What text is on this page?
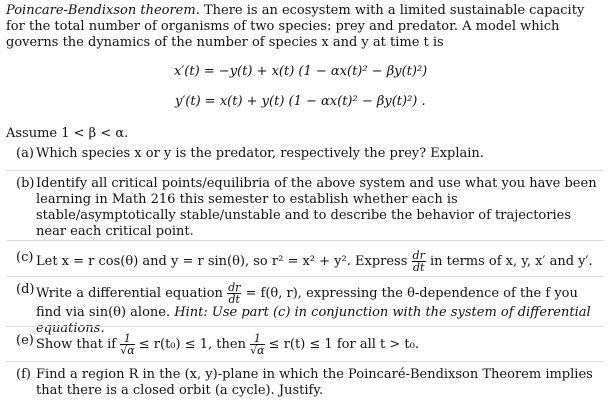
Poincare-Bendixson theorem. There is an ecosystem with a limited sustainable capacity for the total number of organisms of two species: prey and predator. A model which governs the dynamics of the number of species x and y at time t is
x′(t) = −y(t) + x(t) (1 − αx(t)² − βy(t)²)
y′(t) = x(t) + y(t) (1 − αx(t)² − βy(t)²) .
Assume 1 < β < α.
(a) Which species x or y is the predator, respectively the prey? Explain.
(b) Identify all critical points/equilibria of the above system and use what you have been learning in Math 216 this semester to establish whether each is stable/asymptotically stable/unstable and to describe the behavior of trajectories near each critical point.
(c) Let x = r cos(θ) and y = r sin(θ), so r² = x² + y². Express $\frac{dr}{dt}$ in terms of x, y, x′ and y′.
(d) Write a differential equation $\frac{dr}{dt} = f(\theta$, r), expressing the θ-dependence of the f you find via sin(θ) alone. Hint: Use part (c) in conjunction with the system of differential equations.
(e) Show that if $\frac{1}{√\alpha} \le r(t_0) \le 1$, then $\frac{1}{√\alpha} \le r(t) \le 1$ for all t > t₀.
(f) Find a region R in the (x, y)-plane in which the Poincaré-Bendixson Theorem implies that there is a closed orbit (a cycle). Justify.
